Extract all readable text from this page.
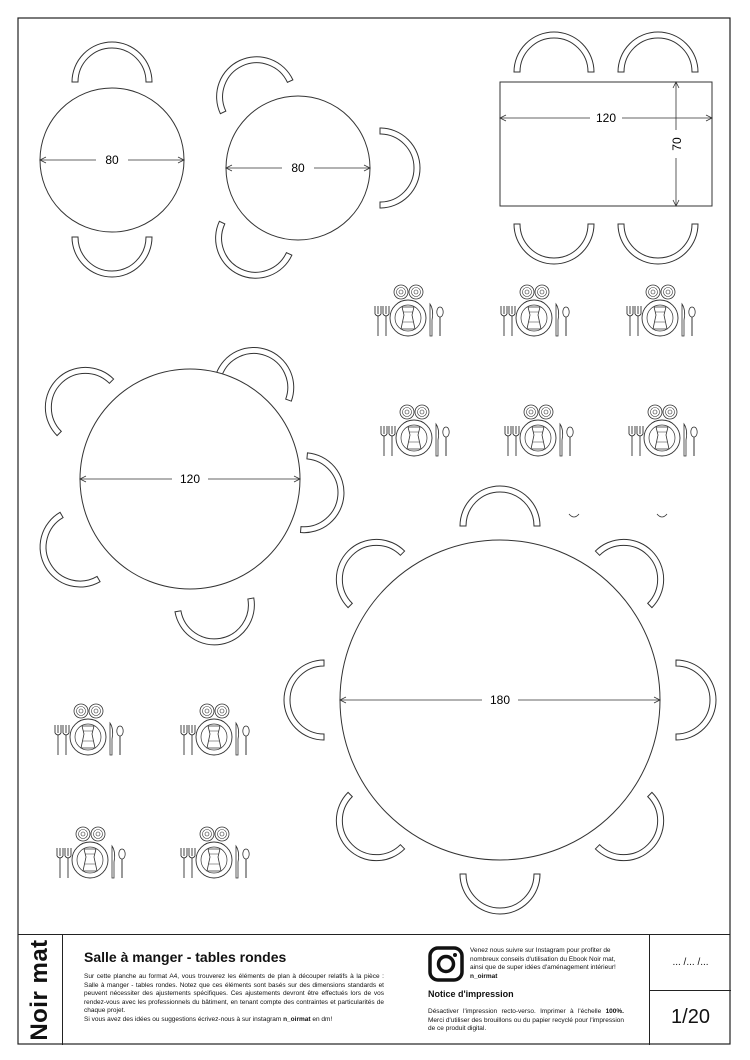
80
80
120
70
120
180
Noir mat Salle à manger - tables rondes

Sur cette planche au format A4, vous trouverez les éléments de plan à découper relatifs à la pièce : Salle à manger - tables rondes. Notez que ces éléments sont basés sur des dimensions standards et peuvent nécessiter des ajustements spécifiques. Ces ajustements devront être effectués lors de vos rendez-vous avec les professionnels du bâtiment, en tenant compte des contraintes et particularités de chaque projet.
Si vous avez des idées ou suggestions écrivez-nous à sur instagram n_oirmat en dm!

Venez nous suivre sur Instagram pour profiter de nombreux conseils d'utilisation du Ebook Noir mat, ainsi que de super idées d'aménagement intérieur! n_oirmat
Notice d'impression

Désactiver l'impression recto-verso. Imprimer à l'échelle 100%. Merci d'utiliser des brouillons ou du papier recyclé pour l'impression de ce produit digital.

... /... /...
1/20
